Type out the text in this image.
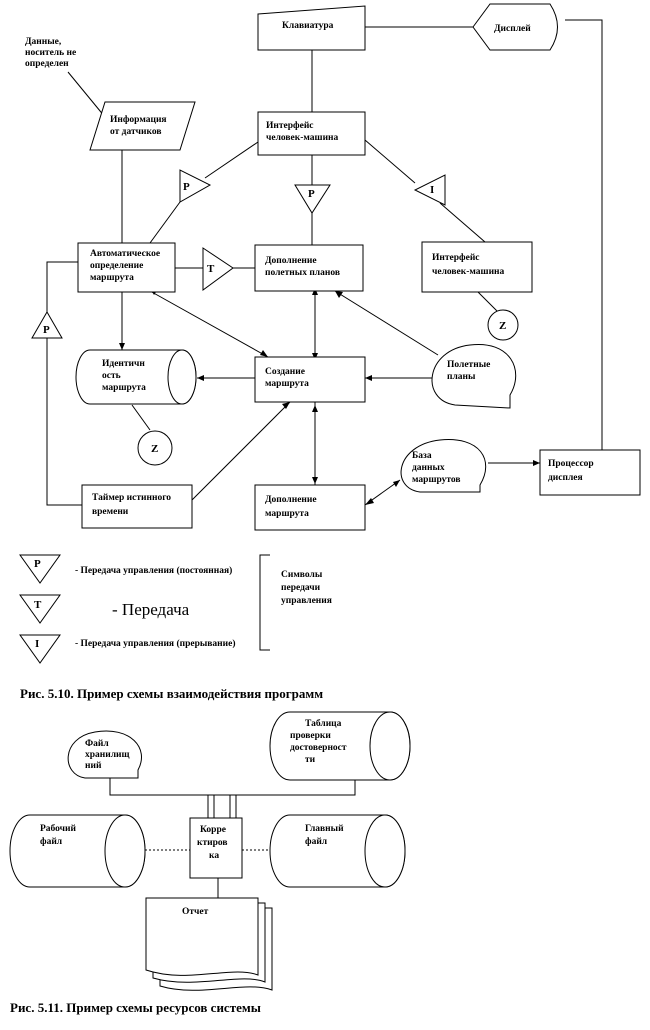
Данные,
носитель не
определен
Клавиатура	Дисплей
Информация
от датчиков
Интерфейс
человек-машина
P
P	I
Автоматическое
определение
маршрута
T
Дополнение
полетных планов
Интерфейс
человек-машина
Z
P
Идентичн
ость
маршрута
Создание
маршрута
Полетные
планы
Z
Таймер истинного
времени
Дополнение
маршрута
База
данных
маршрутов
Процессор
дисплея
P
- Передача управления (постоянная)
T	- Передача
I	- Передача управления (прерывание)
Символы
передачи
управления
Рис. 5.10. Пример схемы взаимодействия программ
Файл
хранилищ
ний
Таблица
проверки
достоверност
ти
Рабочий
файл
Корре
ктиров
ка
Главный
файл
Отчет
Рис. 5.11. Пример схемы ресурсов системы
